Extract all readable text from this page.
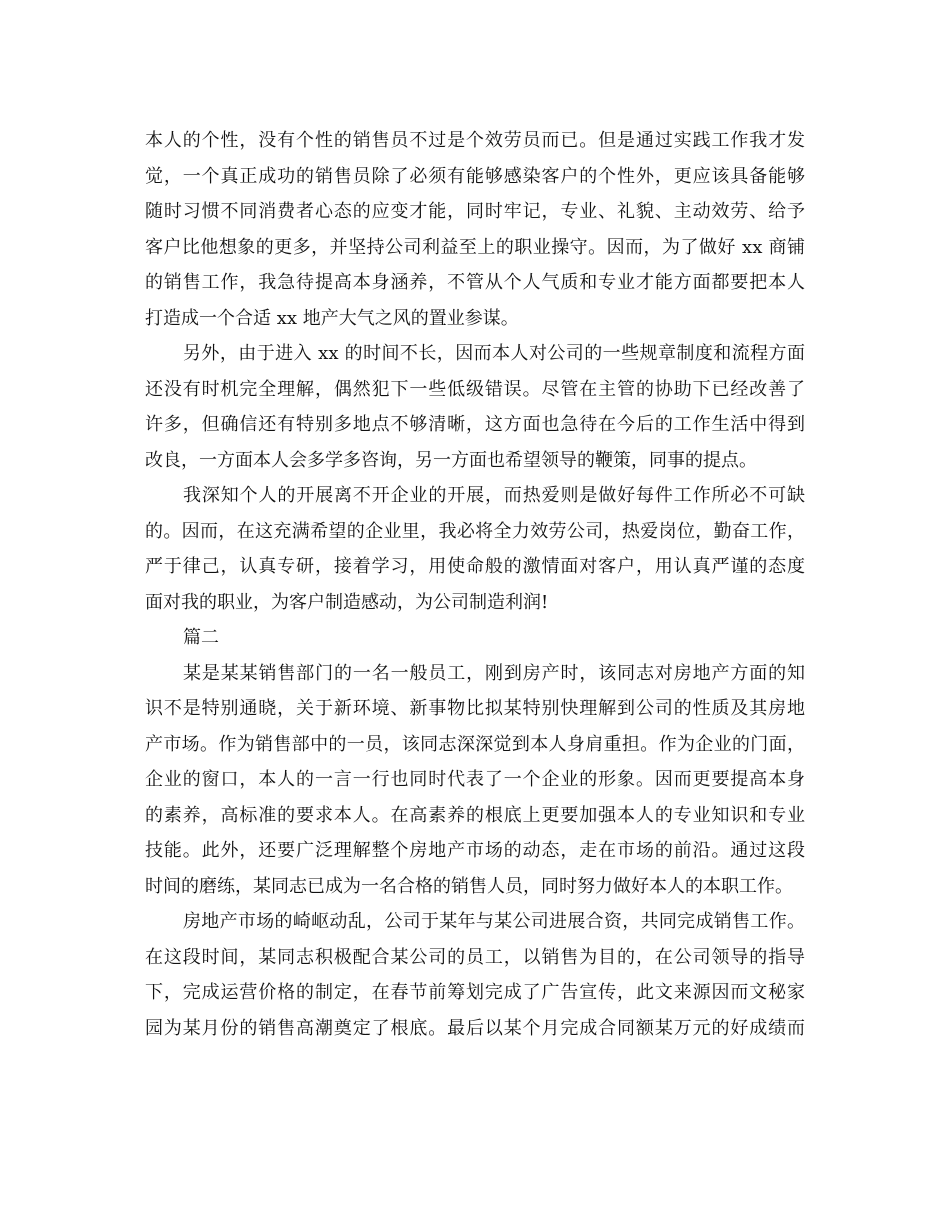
本人的个性，没有个性的销售员不过是个效劳员而已。但是通过实践工作我才发
觉，一个真正成功的销售员除了必须有能够感染客户的个性外，更应该具备能够
随时习惯不同消费者心态的应变才能，同时牢记，专业、礼貌、主动效劳、给予
客户比他想象的更多，并坚持公司利益至上的职业操守。因而，为了做好 xx 商铺
的销售工作，我急待提高本身涵养，不管从个人气质和专业才能方面都要把本人
打造成一个合适 xx 地产大气之风的置业参谋。
另外，由于进入 xx 的时间不长，因而本人对公司的一些规章制度和流程方面
还没有时机完全理解，偶然犯下一些低级错误。尽管在主管的协助下已经改善了
许多，但确信还有特别多地点不够清晰，这方面也急待在今后的工作生活中得到
改良，一方面本人会多学多咨询，另一方面也希望领导的鞭策，同事的提点。
我深知个人的开展离不开企业的开展，而热爱则是做好每件工作所必不可缺
的。因而，在这充满希望的企业里，我必将全力效劳公司，热爱岗位，勤奋工作，
严于律己，认真专研，接着学习，用使命般的激情面对客户，用认真严谨的态度
面对我的职业，为客户制造感动，为公司制造利润!
篇二
某是某某销售部门的一名一般员工，刚到房产时，该同志对房地产方面的知
识不是特别通晓，关于新环境、新事物比拟某特别快理解到公司的性质及其房地
产市场。作为销售部中的一员，该同志深深觉到本人身肩重担。作为企业的门面，
企业的窗口，本人的一言一行也同时代表了一个企业的形象。因而更要提高本身
的素养，高标准的要求本人。在高素养的根底上更要加强本人的专业知识和专业
技能。此外，还要广泛理解整个房地产市场的动态，走在市场的前沿。通过这段
时间的磨练，某同志已成为一名合格的销售人员，同时努力做好本人的本职工作。
房地产市场的崎岖动乱，公司于某年与某公司进展合资，共同完成销售工作。
在这段时间，某同志积极配合某公司的员工，以销售为目的，在公司领导的指导
下，完成运营价格的制定，在春节前筹划完成了广告宣传，此文来源因而文秘家
园为某月份的销售高潮奠定了根底。最后以某个月完成合同额某万元的好成绩而
